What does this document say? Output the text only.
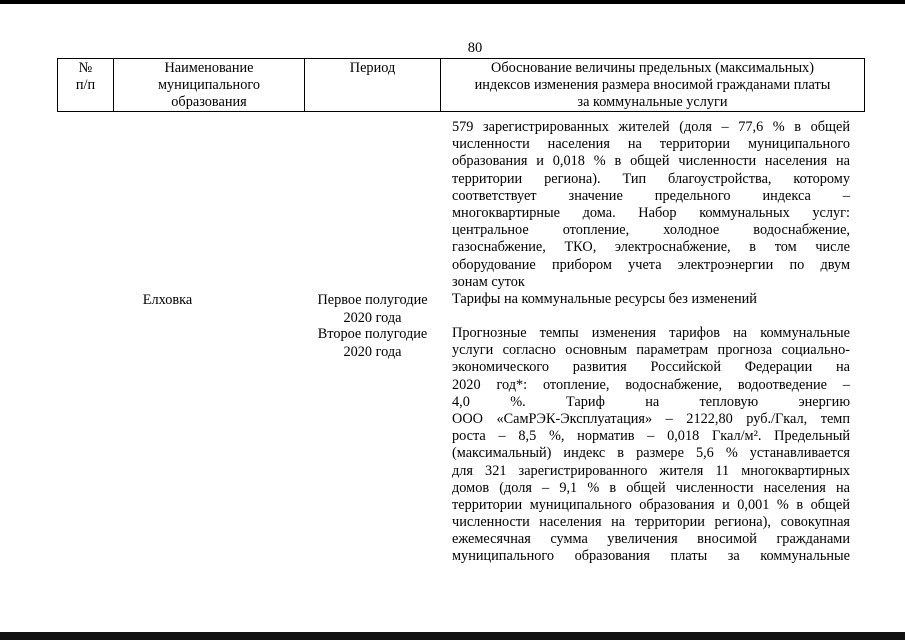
80
№
п/п
Наименование
муниципального
образования
Период	Обоснование величины предельных (максимальных)
индексов изменения размера вносимой гражданами платы
за коммунальные услуги
579 зарегистрированных жителей (доля – 77,6 % в общей
численности населения на территории муниципального
образования и 0,018 % в общей численности населения на
территории региона). Тип благоустройства, которому
соответствует значение предельного индекса –
многоквартирные дома. Набор коммунальных услуг:
центральное отопление, холодное водоснабжение,
газоснабжение, ТКО, электроснабжение, в том числе
оборудование прибором учета электроэнергии по двум
зонам суток
Елховка	Первое полугодие
2020 года
Тарифы на коммунальные ресурсы без изменений
Второе полугодие
2020 года
Прогнозные темпы изменения тарифов на коммунальные
услуги согласно основным параметрам прогноза социально-
экономического развития Российской Федерации на
2020 год*: отопление, водоснабжение, водоотведение –
4,0 %. Тариф на тепловую энергию
ООО «СамРЭК-Эксплуатация» – 2122,80 руб./Гкал, темп
роста – 8,5 %, норматив – 0,018 Гкал/м². Предельный
(максимальный) индекс в размере 5,6 % устанавливается
для 321 зарегистрированного жителя 11 многоквартирных
домов (доля – 9,1 % в общей численности населения на
территории муниципального образования и 0,001 % в общей
численности населения на территории региона), совокупная
ежемесячная сумма увеличения вносимой гражданами
муниципального образования платы за коммунальные
